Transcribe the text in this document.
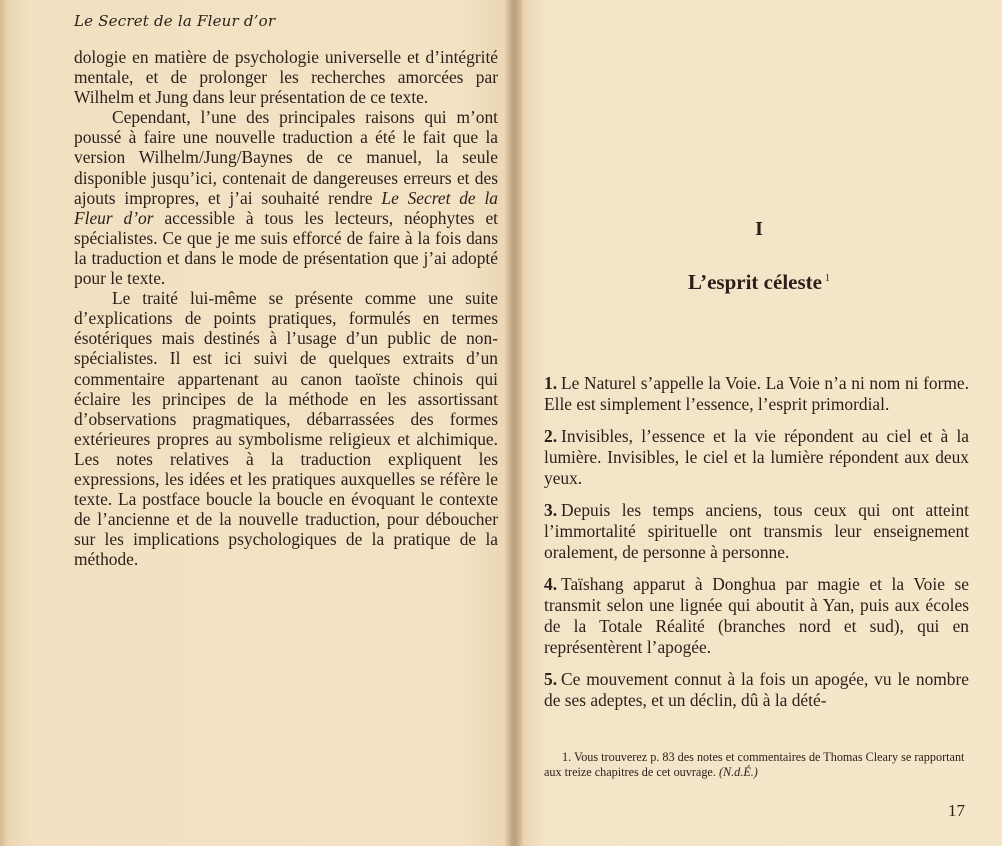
Le Secret de la Fleur d’or

dologie en matière de psychologie universelle et d’intégrité mentale, et de prolonger les recherches amorcées par Wilhelm et Jung dans leur présentation de ce texte.

Cependant, l’une des principales raisons qui m’ont poussé à faire une nouvelle traduction a été le fait que la version Wilhelm/Jung/Baynes de ce manuel, la seule disponible jusqu’ici, contenait de dangereuses erreurs et des ajouts impropres, et j’ai souhaité rendre Le Secret de la Fleur d’or accessible à tous les lecteurs, néophytes et spécialistes. Ce que je me suis efforcé de faire à la fois dans la traduction et dans le mode de présentation que j’ai adopté pour le texte.

Le traité lui-même se présente comme une suite d’explications de points pratiques, formulés en termes ésotériques mais destinés à l’usage d’un public de non-spécialistes. Il est ici suivi de quelques extraits d’un commentaire appartenant au canon taoïste chinois qui éclaire les principes de la méthode en les assortissant d’observations pragmatiques, débarrassées des formes extérieures propres au symbolisme religieux et alchimique. Les notes relatives à la traduction expliquent les expressions, les idées et les pratiques auxquelles se réfère le texte. La postface boucle la boucle en évoquant le contexte de l’ancienne et de la nouvelle traduction, pour déboucher sur les implications psychologiques de la pratique de la méthode.

I
L’esprit céleste $^1$

1. Le Naturel s’appelle la Voie. La Voie n’a ni nom ni forme. Elle est simplement l’essence, l’esprit primordial.

2. Invisibles, l’essence et la vie répondent au ciel et à la lumière. Invisibles, le ciel et la lumière répondent aux deux yeux.

3. Depuis les temps anciens, tous ceux qui ont atteint l’immortalité spirituelle ont transmis leur enseignement oralement, de personne à personne.

4. Taïshang apparut à Donghua par magie et la Voie se transmit selon une lignée qui aboutit à Yan, puis aux écoles de la Totale Réalité (branches nord et sud), qui en représentèrent l’apogée.

5. Ce mouvement connut à la fois un apogée, vu le nombre de ses adeptes, et un déclin, dû à la dété-

1. Vous trouverez p. 83 des notes et commentaires de Thomas Cleary se rapportant aux treize chapitres de cet ouvrage. (N.d.É.)
17
